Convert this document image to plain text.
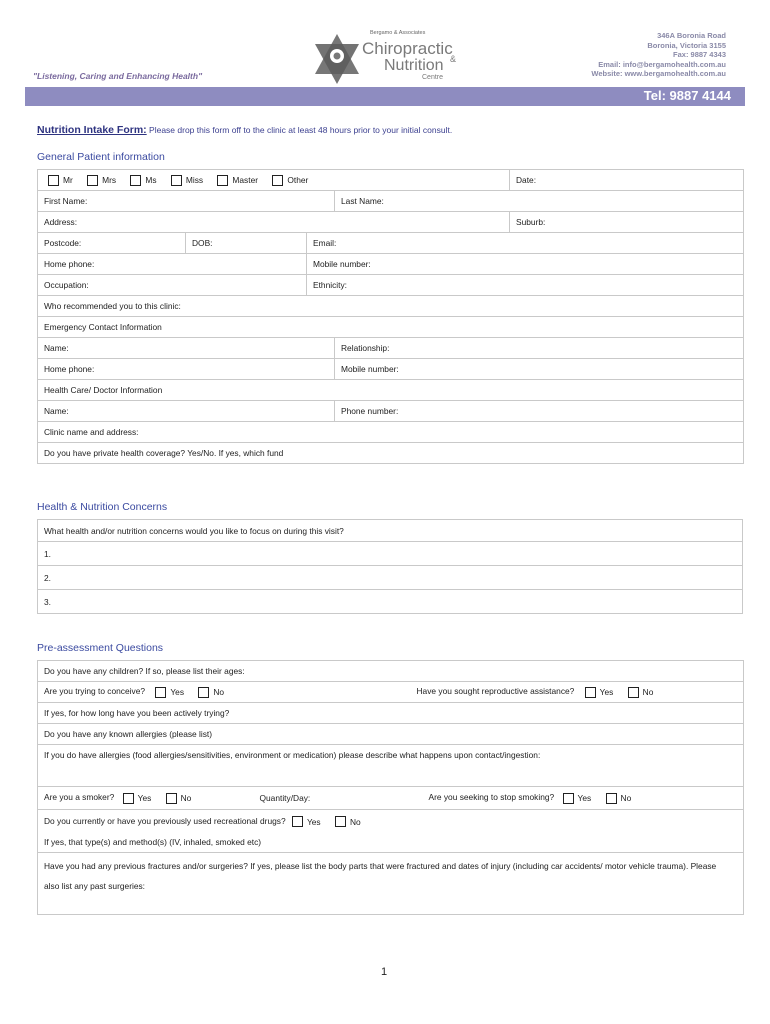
"Listening, Caring and Enhancing Health"
Bergamo & Associates
Chiropractic
&
Nutrition
Centre
346A Boronia Road
Boronia, Victoria 3155
Fax: 9887 4343
Email: info@bergamohealth.com.au
Website: www.bergamohealth.com.au
Tel: 9887 4144
Nutrition Intake Form: Please drop this form off to the clinic at least 48 hours prior to your initial consult.
General Patient information
Mr Mrs Ms Miss Master Other				Date:
First Name:			Last Name:	
Address:				Suburb:
Postcode:	DOB:	Email:		
Home phone:		Mobile number:		
Occupation:		Ethnicity:		
Who recommended you to this clinic:				
Emergency Contact Information				
Name:			Relationship:	
Home phone:			Mobile number:	
Health Care/ Doctor Information				
Name:			Phone number:	
Clinic name and address:				
Do you have private health coverage? Yes/No. If yes, which fund				
Health & Nutrition Concerns
What health and/or nutrition concerns would you like to focus on during this visit?
1.
2.
3.
Pre-assessment Questions
Do you have any children? If so, please list their ages:		
Are you trying to conceive? Yes No		Have you sought reproductive assistance? Yes No
If yes, for how long have you been actively trying?		
Do you have any known allergies (please list)		
If you do have allergies (food allergies/sensitivities, environment or medication) please describe what happens upon contact/ingestion:		
Are you a smoker? Yes No	Quantity/Day:	Are you seeking to stop smoking? Yes No

Do you currently or have you previously used recreational drugs? Yes No
If yes, that type(s) and method(s) (IV, inhaled, smoked etc)		

Have you had any previous fractures and/or surgeries? If yes, please list the body parts that were fractured and dates of injury (including car accidents/ motor vehicle trauma). Please also list any past surgeries:		
1
